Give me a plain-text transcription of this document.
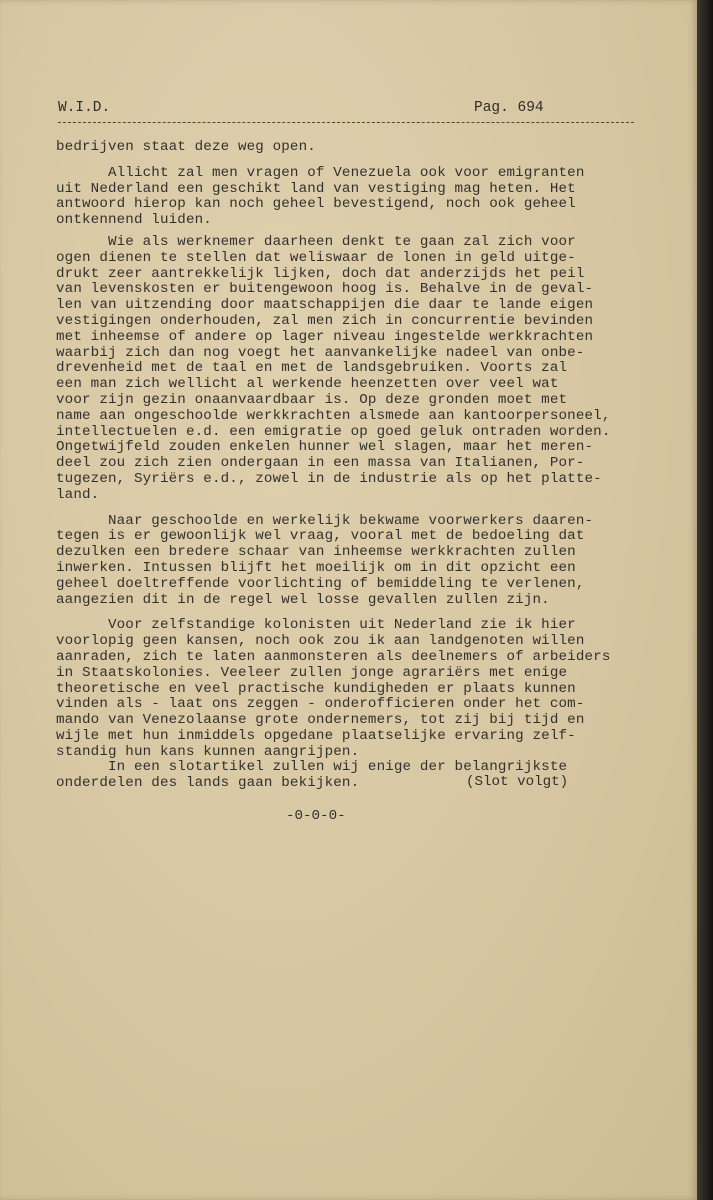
W.I.D.	Pag. 694
bedrijven staat deze weg open.
Allicht zal men vragen of Venezuela ook voor emigranten
uit Nederland een geschikt land van vestiging mag heten. Het
antwoord hierop kan noch geheel bevestigend, noch ook geheel
ontkennend luiden.
Wie als werknemer daarheen denkt te gaan zal zich voor
ogen dienen te stellen dat weliswaar de lonen in geld uitge-
drukt zeer aantrekkelijk lijken, doch dat anderzijds het peil
van levenskosten er buitengewoon hoog is. Behalve in de geval-
len van uitzending door maatschappijen die daar te lande eigen
vestigingen onderhouden, zal men zich in concurrentie bevinden
met inheemse of andere op lager niveau ingestelde werkkrachten
waarbij zich dan nog voegt het aanvankelijke nadeel van onbe-
drevenheid met de taal en met de landsgebruiken. Voorts zal
een man zich wellicht al werkende heenzetten over veel wat
voor zijn gezin onaanvaardbaar is. Op deze gronden moet met
name aan ongeschoolde werkkrachten alsmede aan kantoorpersoneel,
intellectuelen e.d. een emigratie op goed geluk ontraden worden.
Ongetwijfeld zouden enkelen hunner wel slagen, maar het meren-
deel zou zich zien ondergaan in een massa van Italianen, Por-
tugezen, Syriërs e.d., zowel in de industrie als op het platte-
land.
Naar geschoolde en werkelijk bekwame voorwerkers daaren-
tegen is er gewoonlijk wel vraag, vooral met de bedoeling dat
dezulken een bredere schaar van inheemse werkkrachten zullen
inwerken. Intussen blijft het moeilijk om in dit opzicht een
geheel doeltreffende voorlichting of bemiddeling te verlenen,
aangezien dit in de regel wel losse gevallen zullen zijn.
Voor zelfstandige kolonisten uit Nederland zie ik hier
voorlopig geen kansen, noch ook zou ik aan landgenoten willen
aanraden, zich te laten aanmonsteren als deelnemers of arbeiders
in Staatskolonies. Veeleer zullen jonge agrariërs met enige
theoretische en veel practische kundigheden er plaats kunnen
vinden als - laat ons zeggen - onderofficieren onder het com-
mando van Venezolaanse grote ondernemers, tot zij bij tijd en
wijle met hun inmiddels opgedane plaatselijke ervaring zelf-
standig hun kans kunnen aangrijpen.
In een slotartikel zullen wij enige der belangrijkste
onderdelen des lands gaan bekijken.	(Slot volgt)
-0-0-0-
